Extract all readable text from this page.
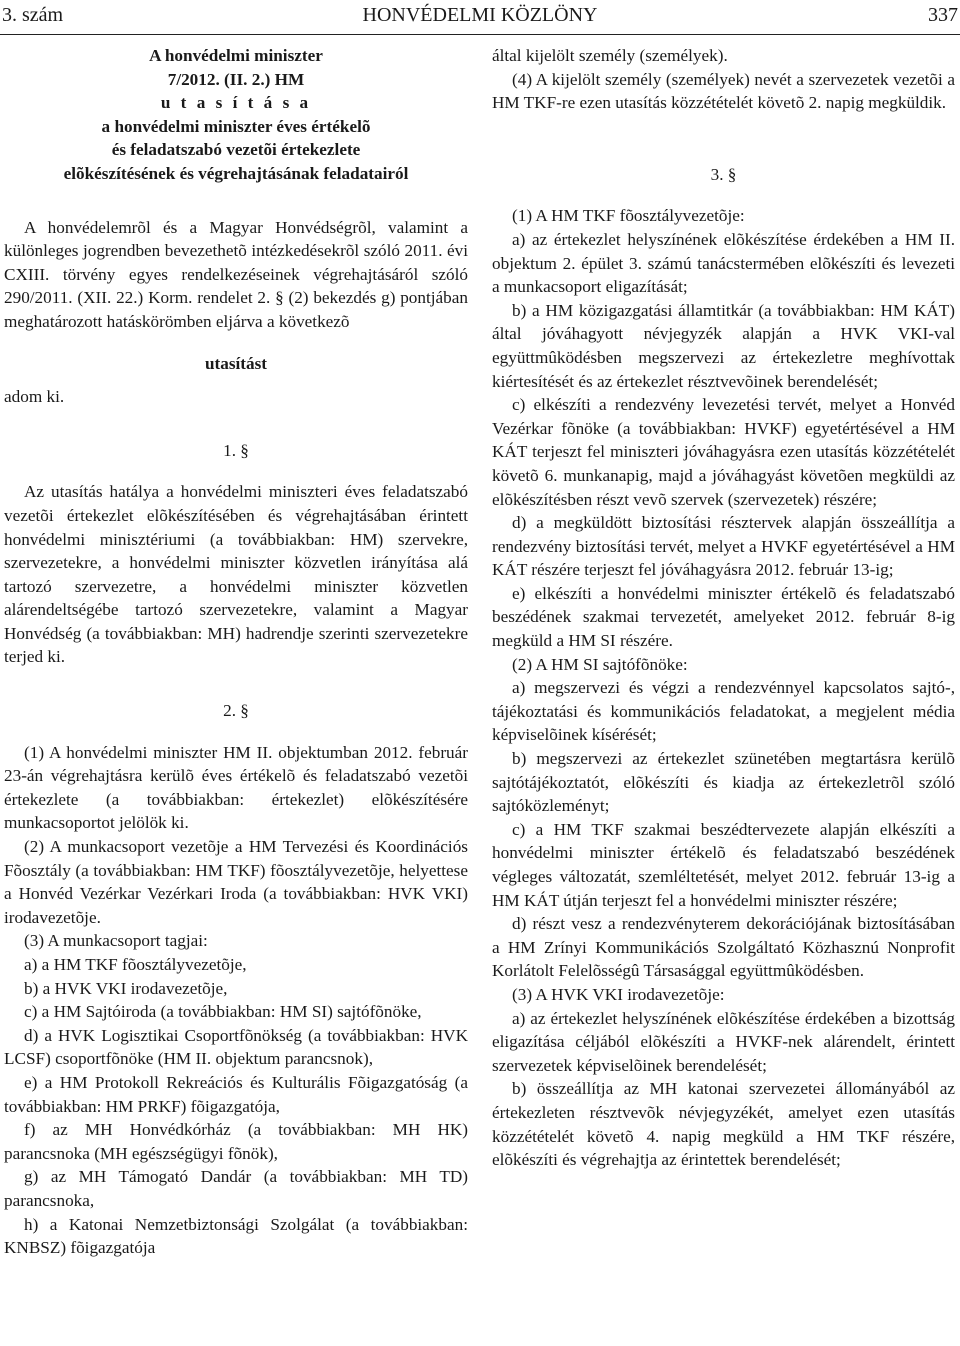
HONVÉDELMI KÖZLÖNY
3. szám	337
A honvédelmi miniszter
7/2012. (II. 2.) HM
u t a s í t á s a
a honvédelmi miniszter éves értékelõ
és feladatszabó vezetõi értekezlete
elõkészítésének és végrehajtásának feladatairól

A honvédelemrõl és a Magyar Honvédségrõl, valamint a különleges jogrendben bevezethetõ intézkedésekrõl szóló 2011. évi CXIII. törvény egyes rendelkezéseinek végrehajtásáról szóló 290/2011. (XII. 22.) Korm. rendelet 2. § (2) bekezdés g) pontjában meghatározott hatáskörömben eljárva a következõ

utasítást

adom ki.

1. §

Az utasítás hatálya a honvédelmi miniszteri éves feladatszabó vezetõi értekezlet elõkészítésében és végrehajtásában érintett honvédelmi minisztériumi (a továbbiakban: HM) szervekre, szervezetekre, a honvédelmi miniszter közvetlen irányítása alá tartozó szervezetre, a honvédelmi miniszter közvetlen alárendeltségébe tartozó szervezetekre, valamint a Magyar Honvédség (a továbbiakban: MH) hadrendje szerinti szervezetekre terjed ki.

2. §

(1) A honvédelmi miniszter HM II. objektumban 2012. február 23-án végrehajtásra kerülõ éves értékelõ és feladatszabó vezetõi értekezlete (a továbbiakban: értekezlet) elõkészítésére munkacsoportot jelölök ki.

(2) A munkacsoport vezetõje a HM Tervezési és Koordinációs Fõosztály (a továbbiakban: HM TKF) fõosztályvezetõje, helyettese a Honvéd Vezérkar Vezérkari Iroda (a továbbiakban: HVK VKI) irodavezetõje.

(3) A munkacsoport tagjai:

a) a HM TKF fõosztályvezetõje,

b) a HVK VKI irodavezetõje,

c) a HM Sajtóiroda (a továbbiakban: HM SI) sajtófõnöke,

d) a HVK Logisztikai Csoportfõnökség (a továbbiakban: HVK LCSF) csoportfõnöke (HM II. objektum parancsnok),

e) a HM Protokoll Rekreációs és Kulturális Fõigazgatóság (a továbbiakban: HM PRKF) fõigazgatója,

f) az MH Honvédkórház (a továbbiakban: MH HK) parancsnoka (MH egészségügyi fõnök),

g) az MH Támogató Dandár (a továbbiakban: MH TD) parancsnoka,

h) a Katonai Nemzetbiztonsági Szolgálat (a továbbiakban: KNBSZ) fõigazgatója

által kijelölt személy (személyek).

(4) A kijelölt személy (személyek) nevét a szervezetek vezetõi a HM TKF-re ezen utasítás közzétételét követõ 2. napig megküldik.

3. §

(1) A HM TKF fõosztályvezetõje:

a) az értekezlet helyszínének elõkészítése érdekében a HM II. objektum 2. épület 3. számú tanácstermében elõkészíti és levezeti a munkacsoport eligazítását;

b) a HM közigazgatási államtitkár (a továbbiakban: HM KÁT) által jóváhagyott névjegyzék alapján a HVK VKI-val együttmûködésben megszervezi az értekezletre meghívottak kiértesítését és az értekezlet résztvevõinek berendelését;

c) elkészíti a rendezvény levezetési tervét, melyet a Honvéd Vezérkar fõnöke (a továbbiakban: HVKF) egyetértésével a HM KÁT terjeszt fel miniszteri jóváhagyásra ezen utasítás közzétételét követõ 6. munkanapig, majd a jóváhagyást követõen megküldi az elõkészítésben részt vevõ szervek (szervezetek) részére;

d) a megküldött biztosítási résztervek alapján összeállítja a rendezvény biztosítási tervét, melyet a HVKF egyetértésével a HM KÁT részére terjeszt fel jóváhagyásra 2012. február 13-ig;

e) elkészíti a honvédelmi miniszter értékelõ és feladatszabó beszédének szakmai tervezetét, amelyeket 2012. február 8-ig megküld a HM SI részére.

(2) A HM SI sajtófõnöke:

a) megszervezi és végzi a rendezvénnyel kapcsolatos sajtó-, tájékoztatási és kommunikációs feladatokat, a megjelent média képviselõinek kísérését;

b) megszervezi az értekezlet szünetében megtartásra kerülõ sajtótájékoztatót, elõkészíti és kiadja az értekezletrõl szóló sajtóközleményt;

c) a HM TKF szakmai beszédtervezete alapján elkészíti a honvédelmi miniszter értékelõ és feladatszabó beszédének végleges változatát, szemléltetését, melyet 2012. február 13-ig a HM KÁT útján terjeszt fel a honvédelmi miniszter részére;

d) részt vesz a rendezvényterem dekorációjának biztosításában a HM Zrínyi Kommunikációs Szolgáltató Közhasznú Nonprofit Korlátolt Felelõsségû Társasággal együttmûködésben.

(3) A HVK VKI irodavezetõje:

a) az értekezlet helyszínének elõkészítése érdekében a bizottság eligazítása céljából elõkészíti a HVKF-nek alárendelt, érintett szervezetek képviselõinek berendelését;

b) összeállítja az MH katonai szervezetei állományából az értekezleten résztvevõk névjegyzékét, amelyet ezen utasítás közzétételét követõ 4. napig megküld a HM TKF részére, elõkészíti és végrehajtja az érintettek berendelését;
